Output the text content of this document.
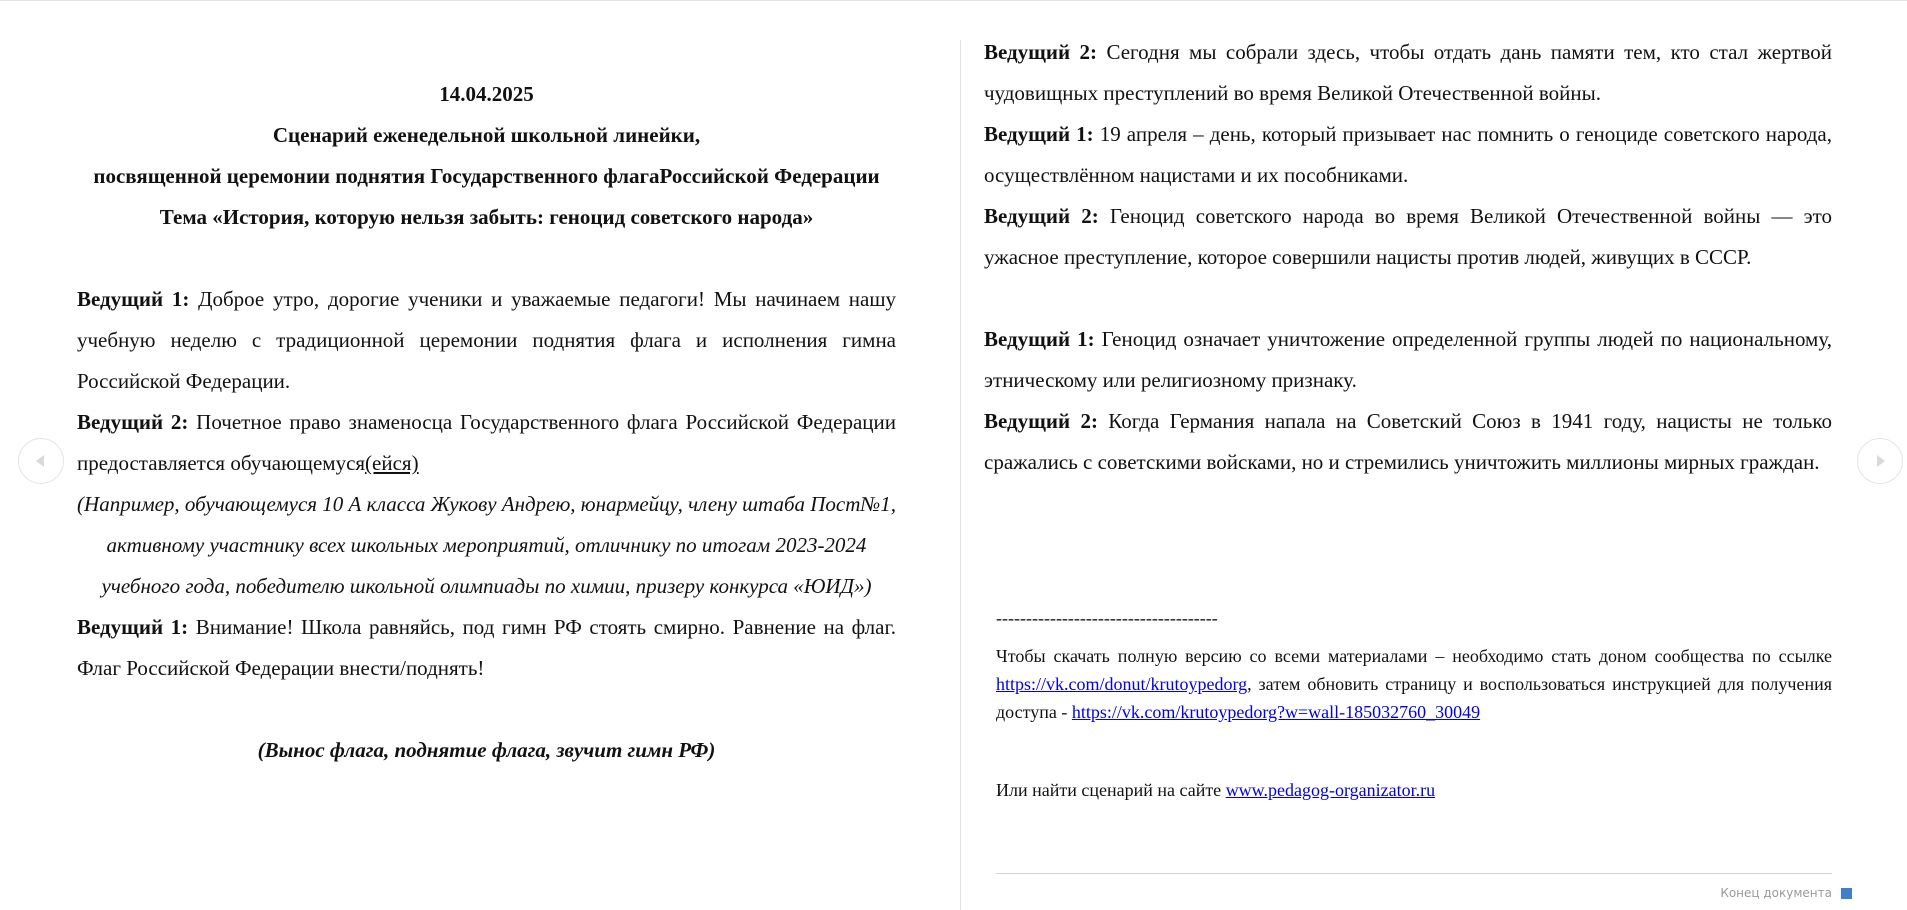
14.04.2025

Сценарий еженедельной школьной линейки,

посвященной церемонии поднятия Государственного флагаРоссийской Федерации

Тема «История, которую нельзя забыть: геноцид советского народа»

Ведущий 1: Доброе утро, дорогие ученики и уважаемые педагоги! Мы начинаем нашу учебную неделю с традиционной церемонии поднятия флага и исполнения гимна Российской Федерации.

Ведущий 2: Почетное право знаменосца Государственного флага Российской Федерации предоставляется обучающемуся(ейся)

(Например, обучающемуся 10 А класса Жукову Андрею, юнармейцу, члену штаба Пост№1, активному участнику всех школьных мероприятий, отличнику по итогам 2023-2024 учебного года, победителю школьной олимпиады по химии, призеру конкурса «ЮИД»)

Ведущий 1: Внимание! Школа равняйсь, под гимн РФ стоять смирно. Равнение на флаг. Флаг Российской Федерации внести/поднять!

(Вынос флага, поднятие флага, звучит гимн РФ)

Ведущий 2: Сегодня мы собрали здесь, чтобы отдать дань памяти тем, кто стал жертвой чудовищных преступлений во время Великой Отечественной войны.

Ведущий 1: 19 апреля – день, который призывает нас помнить о геноциде советского народа, осуществлённом нацистами и их пособниками.

Ведущий 2: Геноцид советского народа во время Великой Отечественной войны — это ужасное преступление, которое совершили нацисты против людей, живущих в СССР.

Ведущий 1: Геноцид означает уничтожение определенной группы людей по национальному, этническому или религиозному признаку.

Ведущий 2: Когда Германия напала на Советский Союз в 1941 году, нацисты не только сражались с советскими войсками, но и стремились уничтожить миллионы мирных граждан.

-------------------------------------

Чтобы скачать полную версию со всеми материалами – необходимо стать доном сообщества по ссылке https://vk.com/donut/krutoypedorg, затем обновить страницу и воспользоваться инструкцией для получения доступа - https://vk.com/krutoypedorg?w=wall-185032760_30049

Или найти сценарий на сайте www.pedagog-organizator.ru

Конец документа
